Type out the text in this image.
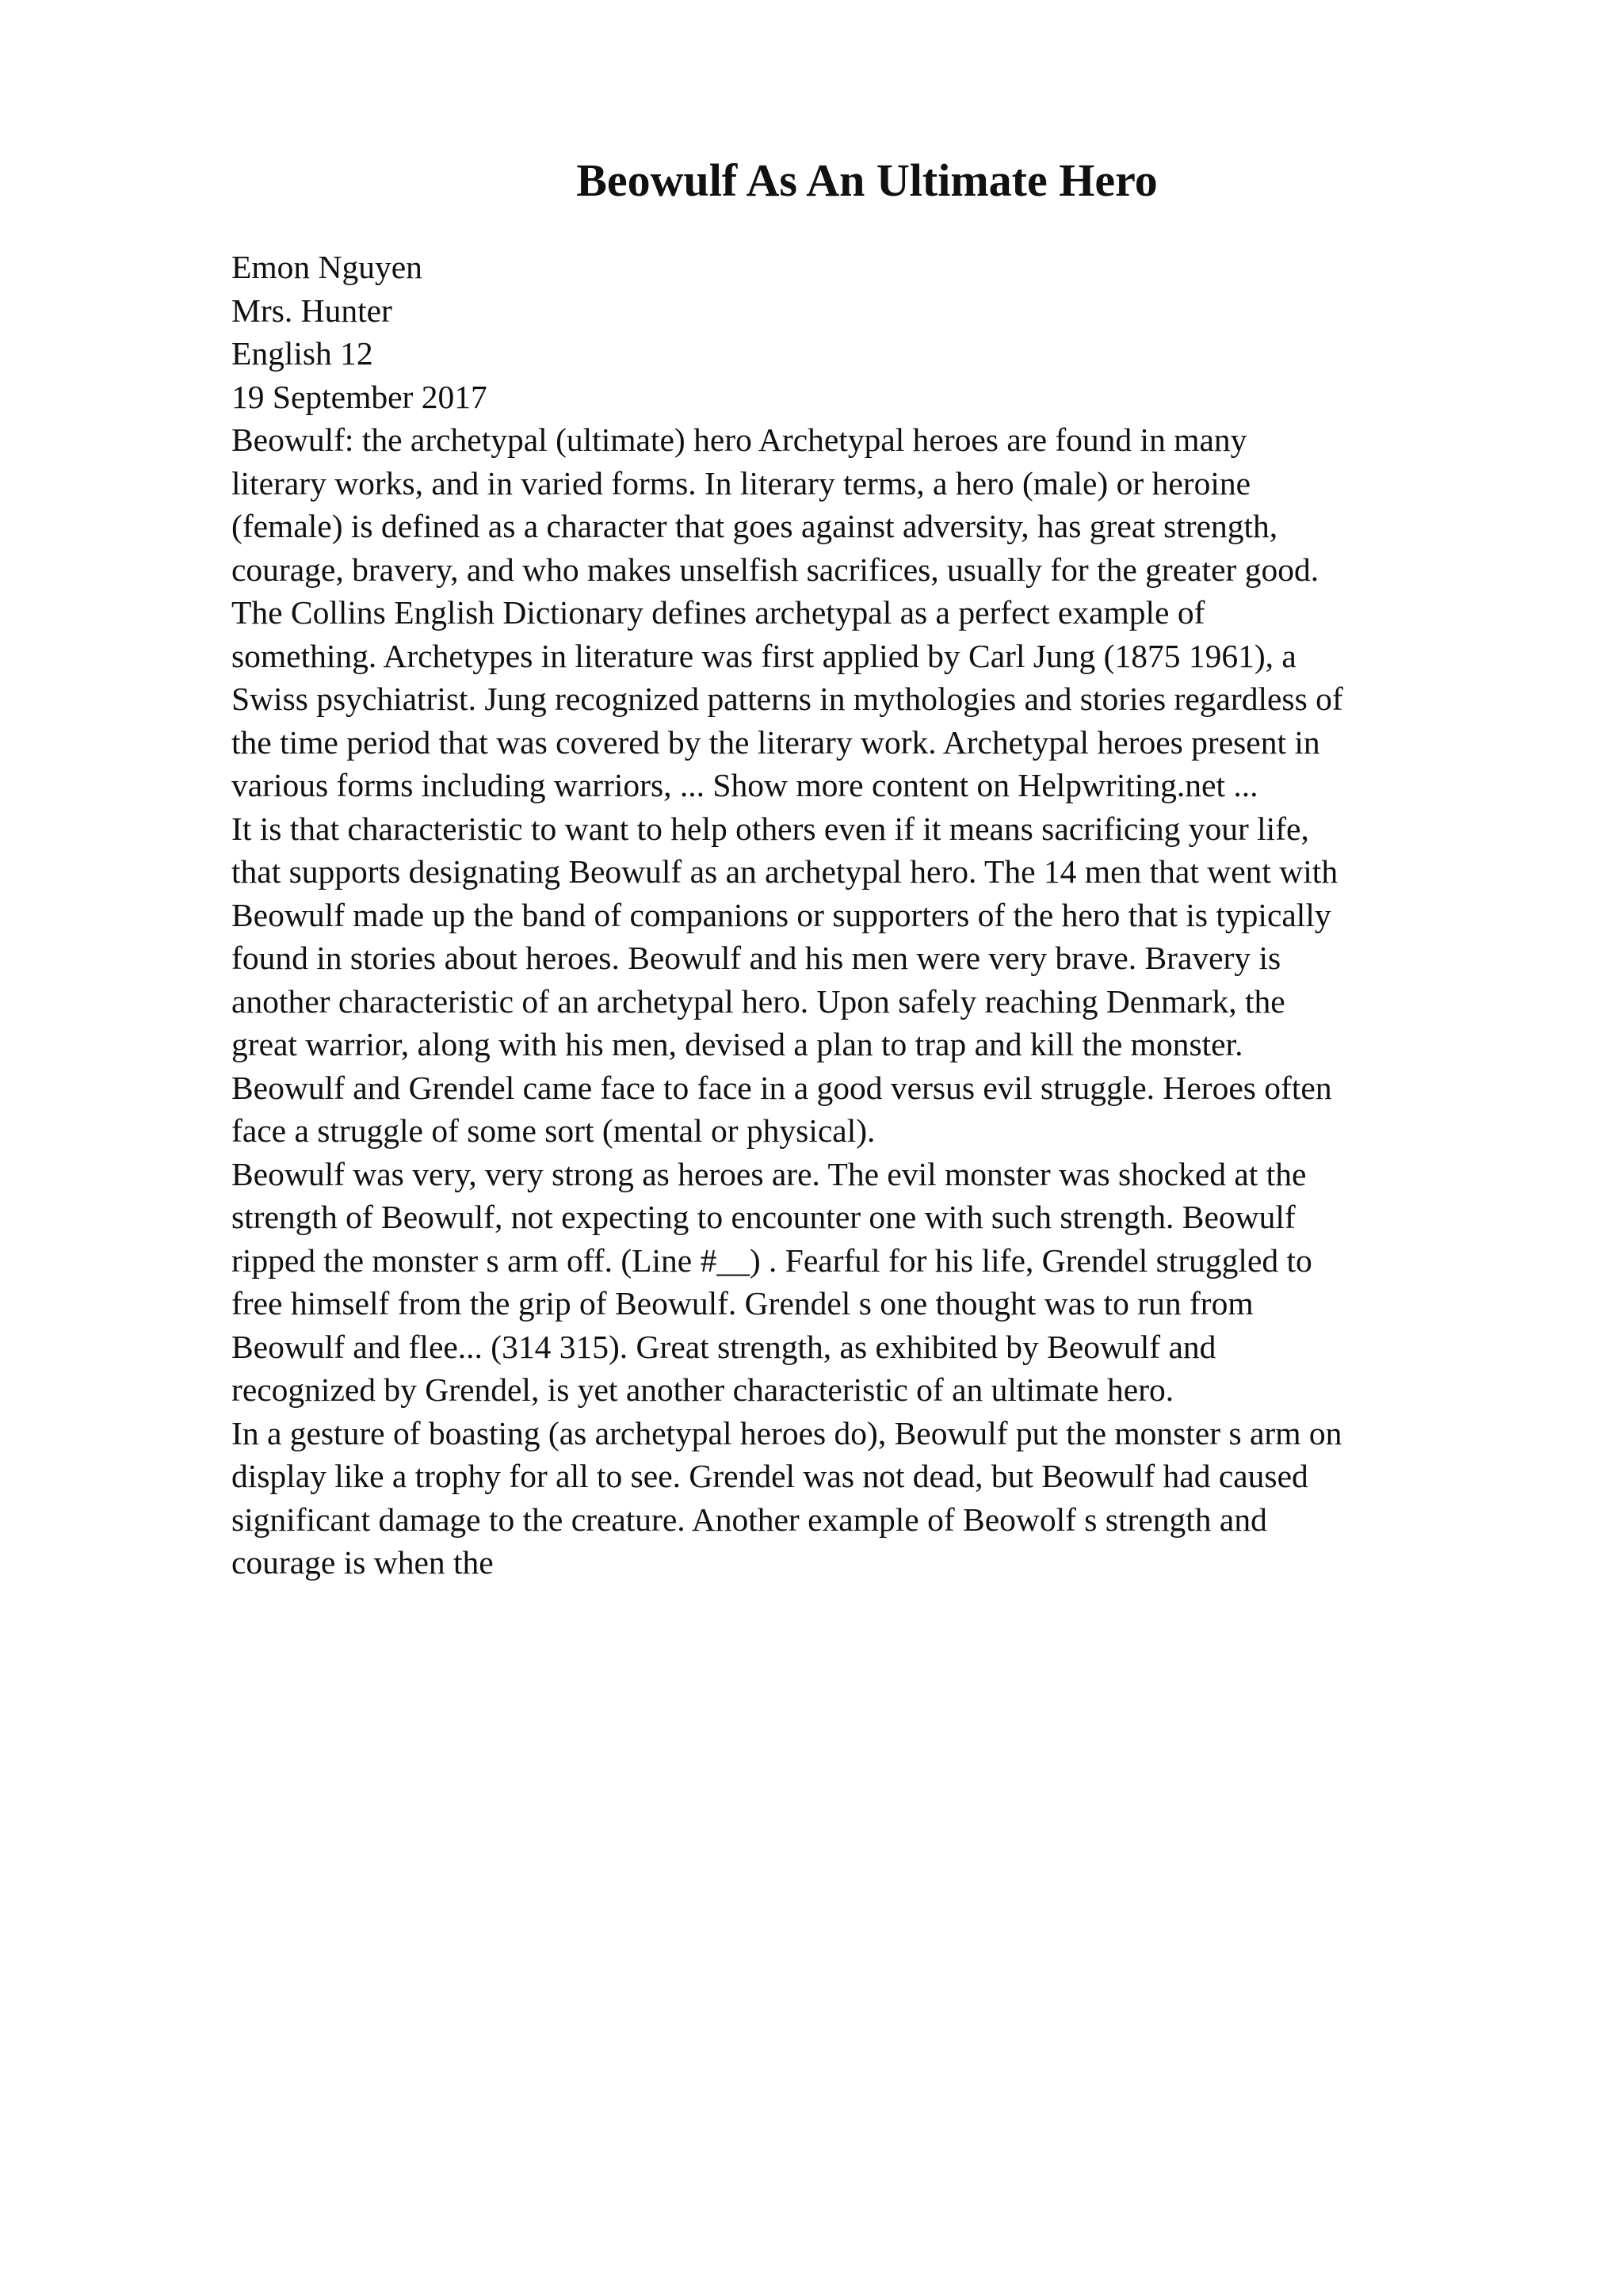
Beowulf As An Ultimate Hero
Emon Nguyen
Mrs. Hunter
English 12
19 September 2017
Beowulf: the archetypal (ultimate) hero Archetypal heroes are found in many
literary works, and in varied forms. In literary terms, a hero (male) or heroine
(female) is defined as a character that goes against adversity, has great strength,
courage, bravery, and who makes unselfish sacrifices, usually for the greater good.
The Collins English Dictionary defines archetypal as a perfect example of
something. Archetypes in literature was first applied by Carl Jung (1875 1961), a
Swiss psychiatrist. Jung recognized patterns in mythologies and stories regardless of
the time period that was covered by the literary work. Archetypal heroes present in
various forms including warriors, ... Show more content on Helpwriting.net ...
It is that characteristic to want to help others even if it means sacrificing your life,
that supports designating Beowulf as an archetypal hero. The 14 men that went with
Beowulf made up the band of companions or supporters of the hero that is typically
found in stories about heroes. Beowulf and his men were very brave. Bravery is
another characteristic of an archetypal hero. Upon safely reaching Denmark, the
great warrior, along with his men, devised a plan to trap and kill the monster.
Beowulf and Grendel came face to face in a good versus evil struggle. Heroes often
face a struggle of some sort (mental or physical).
Beowulf was very, very strong as heroes are. The evil monster was shocked at the
strength of Beowulf, not expecting to encounter one with such strength. Beowulf
ripped the monster s arm off. (Line #__) . Fearful for his life, Grendel struggled to
free himself from the grip of Beowulf. Grendel s one thought was to run from
Beowulf and flee... (314 315). Great strength, as exhibited by Beowulf and
recognized by Grendel, is yet another characteristic of an ultimate hero.
In a gesture of boasting (as archetypal heroes do), Beowulf put the monster s arm on
display like a trophy for all to see. Grendel was not dead, but Beowulf had caused
significant damage to the creature. Another example of Beowolf s strength and
courage is when the
